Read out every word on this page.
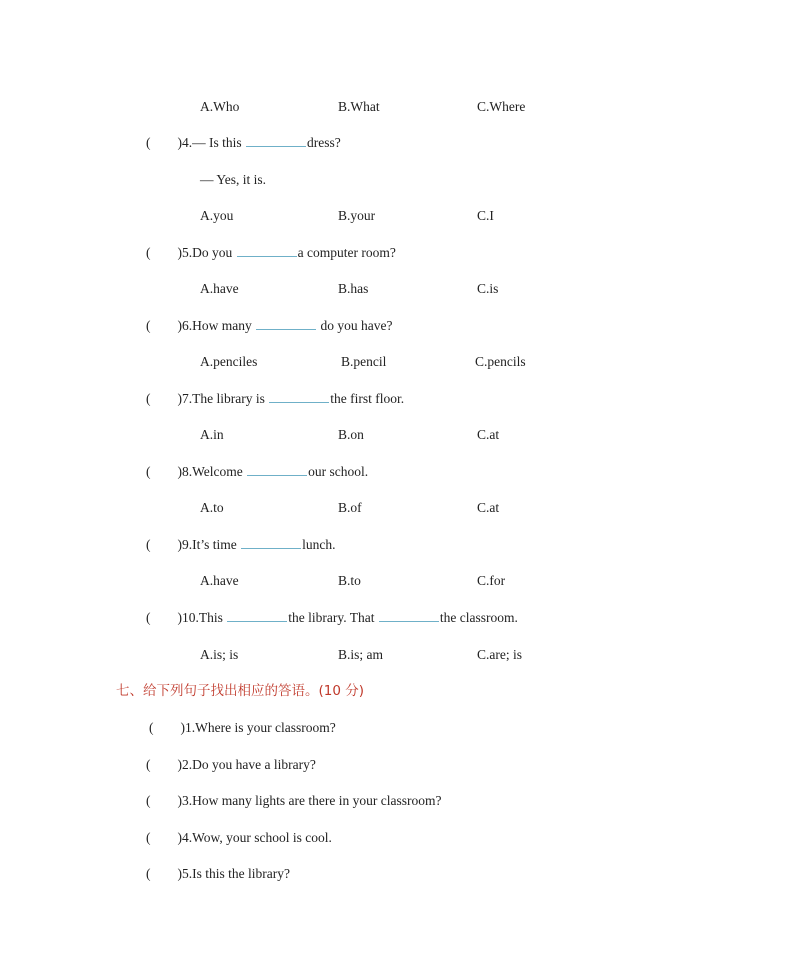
A.Who	B.What	C.Where
(        )4.— Is this	dress?
— Yes, it is.
A.you	B.your	C.I
(        )5.Do you	a computer room?
A.have	B.has	C.is
(        )6.How many	do you have?
A.penciles	B.pencil	C.pencils
(        )7.The library is	the first floor.
A.in	B.on	C.at
(        )8.Welcome	our school.
A.to	B.of	C.at
(        )9.It’s time	lunch.
A.have	B.to	C.for
(        )10.This	the library. That	the classroom.
A.is; is	B.is; am	C.are; is
七、给下列句子找出相应的答语。(10 分)
(        )1.Where is your classroom?
(        )2.Do you have a library?
(        )3.How many lights are there in your classroom?
(        )4.Wow, your school is cool.
(        )5.Is this the library?
